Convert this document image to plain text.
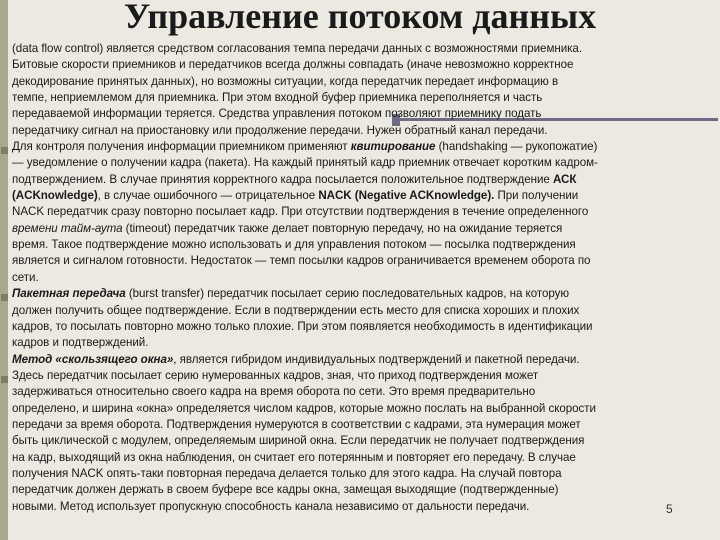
Управление потоком данных
(data flow control) является средством согласования темпа передачи данных с возможностями приемника.
Битовые скорости приемников и передатчиков всегда должны совпадать (иначе невозможно корректное
декодирование принятых данных), но возможны ситуации, когда передатчик передает информацию в
темпе, неприемлемом для приемника. При этом входной буфер приемника переполняется и часть
передаваемой информации теряется. Средства управления потоком позволяют приемнику подать
передатчику сигнал на приостановку или продолжение передачи. Нужен обратный канал передачи.
Для контроля получения информации приемником применяют квитирование (handshaking — рукопожатие)
— уведомление о получении кадра (пакета). На каждый принятый кадр приемник отвечает коротким кадром-
подтверждением. В случае принятия корректного кадра посылается положительное подтверждение АСК
(ACKnowledge), в случае ошибочного — отрицательное NACK (Negative ACKnowledge). При получении
NACK передатчик сразу повторно посылает кадр. При отсутствии подтверждения в течение определенного
времени тайм-аута (timeout) передатчик также делает повторную передачу, но на ожидание теряется
время. Такое подтверждение можно использовать и для управления потоком — посылка подтверждения
является и сигналом готовности. Недостаток — темп посылки кадров ограничивается временем оборота по
сети.
Пакетная передача (burst transfer) передатчик посылает серию последовательных кадров, на которую
должен получить общее подтверждение. Если в подтверждении есть место для списка хороших и плохих
кадров, то посылать повторно можно только плохие. При этом появляется необходимость в идентификации
кадров и подтверждений.
Метод «скользящего окна», является гибридом индивидуальных подтверждений и пакетной передачи.
Здесь передатчик посылает серию нумерованных кадров, зная, что приход подтверждения может
задерживаться относительно своего кадра на время оборота по сети. Это время предварительно
определено, и ширина «окна» определяется числом кадров, которые можно послать на выбранной скорости
передачи за время оборота. Подтверждения нумеруются в соответствии с кадрами, эта нумерация может
быть циклической с модулем, определяемым шириной окна. Если передатчик не получает подтверждения
на кадр, выходящий из окна наблюдения, он считает его потерянным и повторяет его передачу. В случае
получения NACK опять-таки повторная передача делается только для этого кадра. На случай повтора
передатчик должен держать в своем буфере все кадры окна, замещая выходящие (подтвержденные)
новыми. Метод использует пропускную способность канала независимо от дальности передачи.	5
